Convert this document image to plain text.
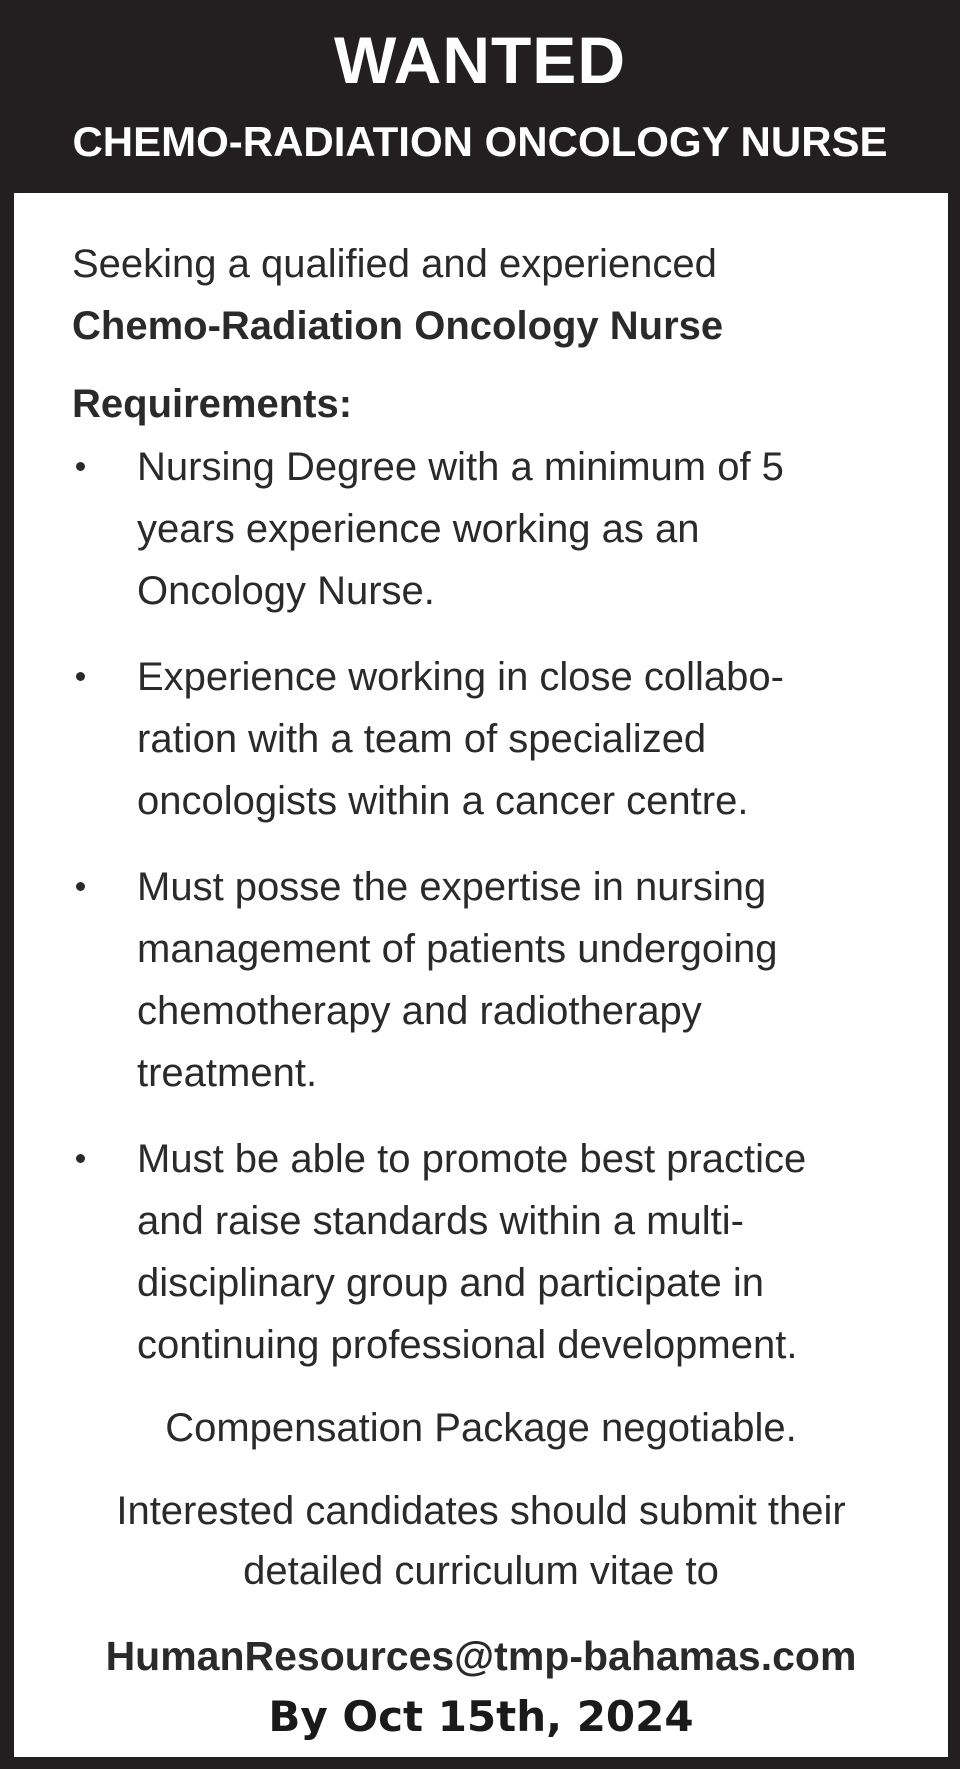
WANTED
CHEMO-RADIATION ONCOLOGY NURSE
Seeking a qualified and experienced
Chemo-Radiation Oncology Nurse
Requirements:
Nursing Degree with a minimum of 5
years experience working as an
Oncology Nurse.
Experience working in close collabo-
ration with a team of specialized
oncologists within a cancer centre.
Must posse the expertise in nursing
management of patients undergoing
chemotherapy and radiotherapy
treatment.
Must be able to promote best practice
and raise standards within a multi-
disciplinary group and participate in
continuing professional development.
Compensation Package negotiable.
Interested candidates should submit their
detailed curriculum vitae to
HumanResources@tmp-bahamas.com
By Oct 15th, 2024
